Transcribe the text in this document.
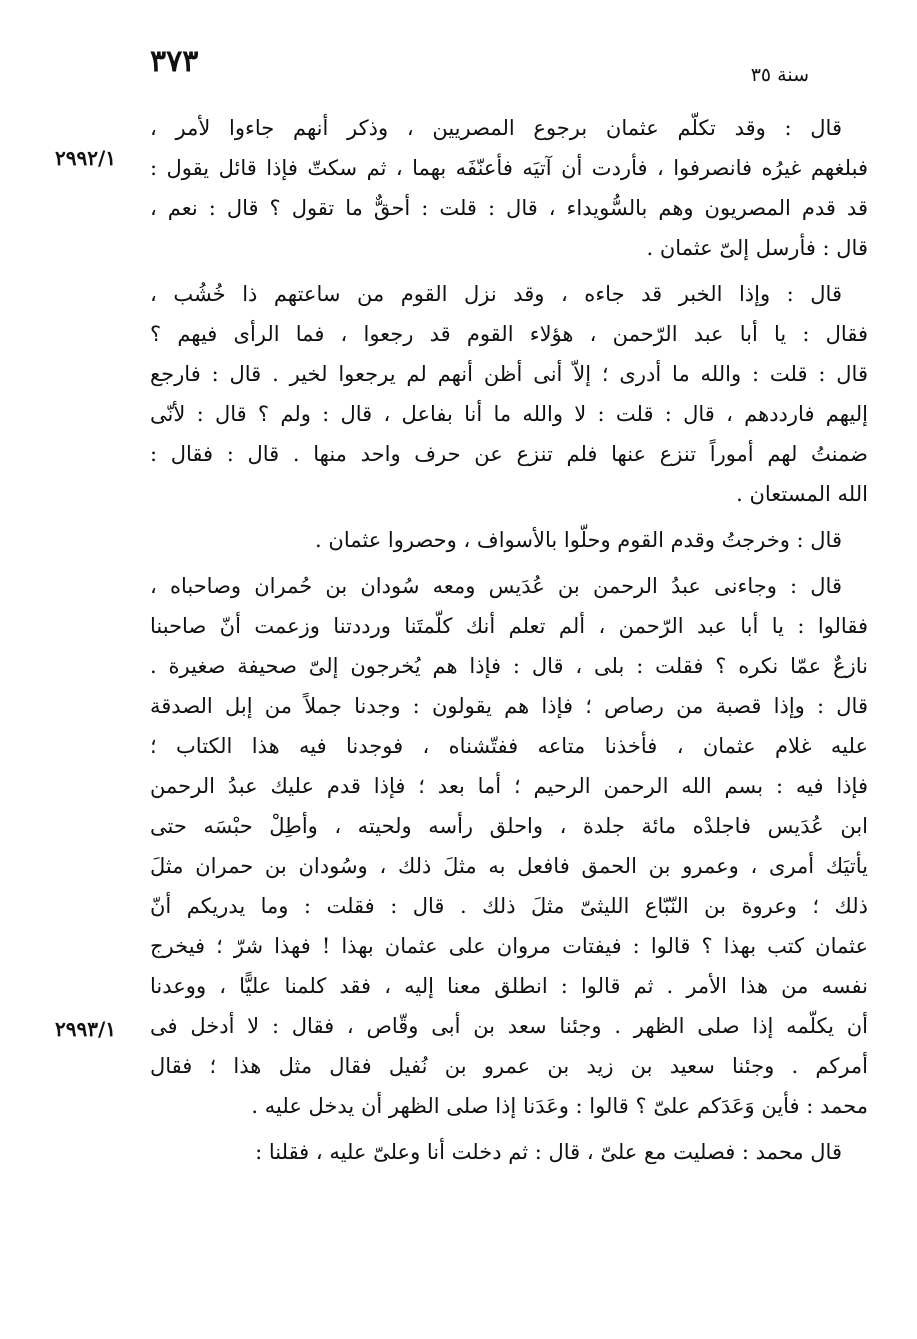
٣٧٣	سنة ٣٥
٢٩٩٢/١
٢٩٩٣/١
قال : وقد تكلّم عثمان برجوع المصريين ، وذكر أنهم جاءوا لأمر ،
فبلغهم غيرُه فانصرفوا ، فأردت أن آتيَه فأعنّفَه بهما ، ثم سكتّ فإذا قائل يقول :
قد قدم المصريون وهم بالسُّويداء ، قال : قلت : أحقٌّ ما تقول ؟ قال : نعم ،
قال : فأرسل إلىّ عثمان .
قال : وإذا الخبر قد جاءه ، وقد نزل القوم من ساعتهم ذا خُشُب ،
فقال : يا أبا عبد الرّحمن ، هؤلاء القوم قد رجعوا ، فما الرأى فيهم ؟
قال : قلت : والله ما أدرى ؛ إلاّ أنى أظن أنهم لم يرجعوا لخير . قال : فارجع
إليهم فارددهم ، قال : قلت : لا والله ما أنا بفاعل ، قال : ولم ؟ قال : لأنّى
ضمنتُ لهم أموراً تنزع عنها فلم تنزع عن حرف واحد منها . قال : فقال :
الله المستعان .
قال : وخرجتُ وقدم القوم وحلّوا بالأسواف ، وحصروا عثمان .
قال : وجاءنى عبدُ الرحمن بن عُدَيس ومعه سُودان بن حُمران وصاحباه ،
فقالوا : يا أبا عبد الرّحمن ، ألم تعلم أنك كلّمتَنا ورددتنا وزعمت أنّ صاحبنا
نازعٌ عمّا نكره ؟ فقلت : بلى ، قال : فإذا هم يُخرجون إلىّ صحيفة صغيرة .
قال : وإذا قصبة من رصاص ؛ فإذا هم يقولون : وجدنا جملاً من إبل الصدقة
عليه غلام عثمان ، فأخذنا متاعه ففتّشناه ، فوجدنا فيه هذا الكتاب ؛
فإذا فيه : بسم الله الرحمن الرحيم ؛ أما بعد ؛ فإذا قدم عليك عبدُ الرحمن
ابن عُدَيس فاجلدْه مائة جلدة ، واحلق رأسه ولحيته ، وأطِلْ حبْسَه حتى
يأتيَك أمرى ، وعمرو بن الحمق فافعل به مثلَ ذلك ، وسُودان بن حمران مثلَ
ذلك ؛ وعروة بن النّبّاع الليثىّ مثلَ ذلك . قال : فقلت : وما يدريكم أنّ
عثمان كتب بهذا ؟ قالوا : فيفتات مروان على عثمان بهذا ! فهذا شرّ ؛ فيخرج
نفسه من هذا الأمر . ثم قالوا : انطلق معنا إليه ، فقد كلمنا عليًّا ، ووعدنا
أن يكلّمه إذا صلى الظهر . وجئنا سعد بن أبى وقّاص ، فقال : لا أدخل فى
أمركم . وجئنا سعيد بن زيد بن عمرو بن نُفيل فقال مثل هذا ؛ فقال
محمد : فأين وَعَدَكم علىّ ؟ قالوا : وعَدَنا إذا صلى الظهر أن يدخل عليه .
قال محمد : فصليت مع علىّ ، قال : ثم دخلت أنا وعلىّ عليه ، فقلنا :
